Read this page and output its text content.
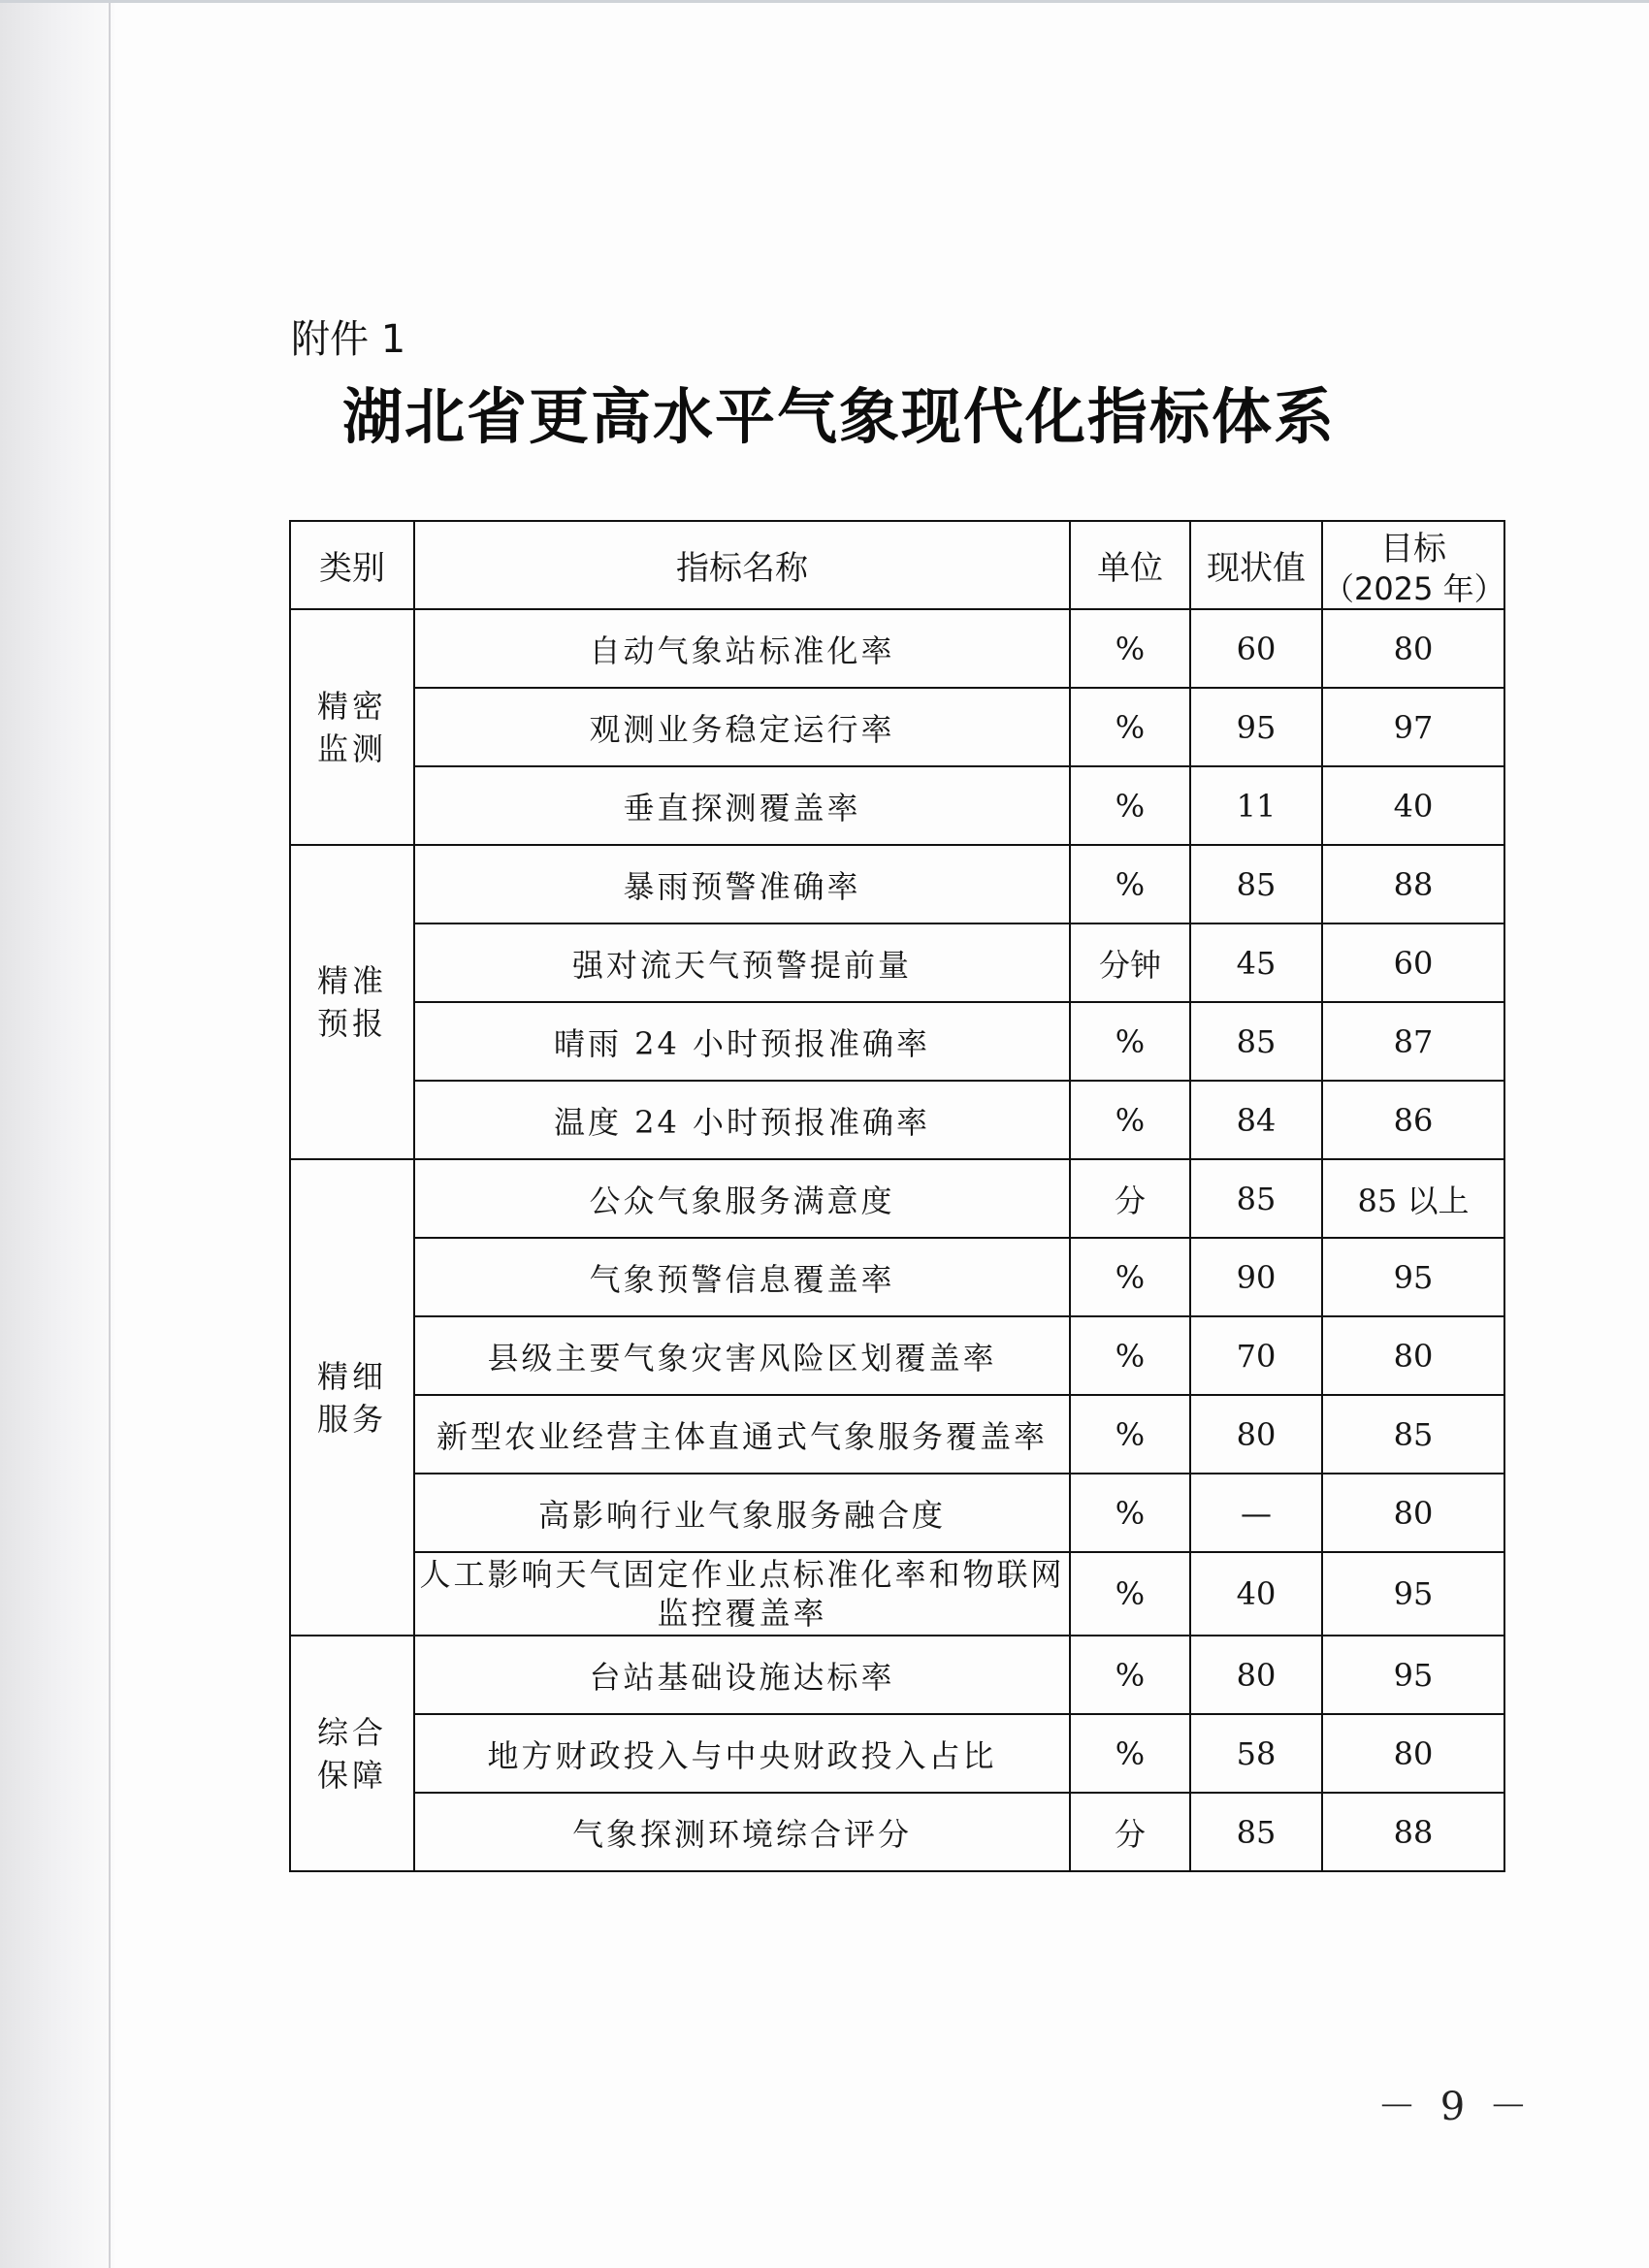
附件 1
湖北省更高水平气象现代化指标体系
类别	指标名称	单位	现状值	目标
（2025 年）

精密
监测	自动气象站标准化率	%	60	80
	观测业务稳定运行率	%	95	97
	垂直探测覆盖率	%	11	40

精准
预报	暴雨预警准确率	%	85	88
	强对流天气预警提前量	分钟	45	60
	晴雨 24 小时预报准确率	%	85	87
	温度 24 小时预报准确率	%	84	86

精细
服务	公众气象服务满意度	分	85	85 以上
	气象预警信息覆盖率	%	90	95
	县级主要气象灾害风险区划覆盖率	%	70	80
	新型农业经营主体直通式气象服务覆盖率	%	80	85
	高影响行业气象服务融合度	%	—	80

	人工影响天气固定作业点标准化率和物联网
监控覆盖率	%	40	95

综合
保障	台站基础设施达标率	%	80	95
	地方财政投入与中央财政投入占比	%	58	80
	气象探测环境综合评分	分	85	88
－ 9 －
